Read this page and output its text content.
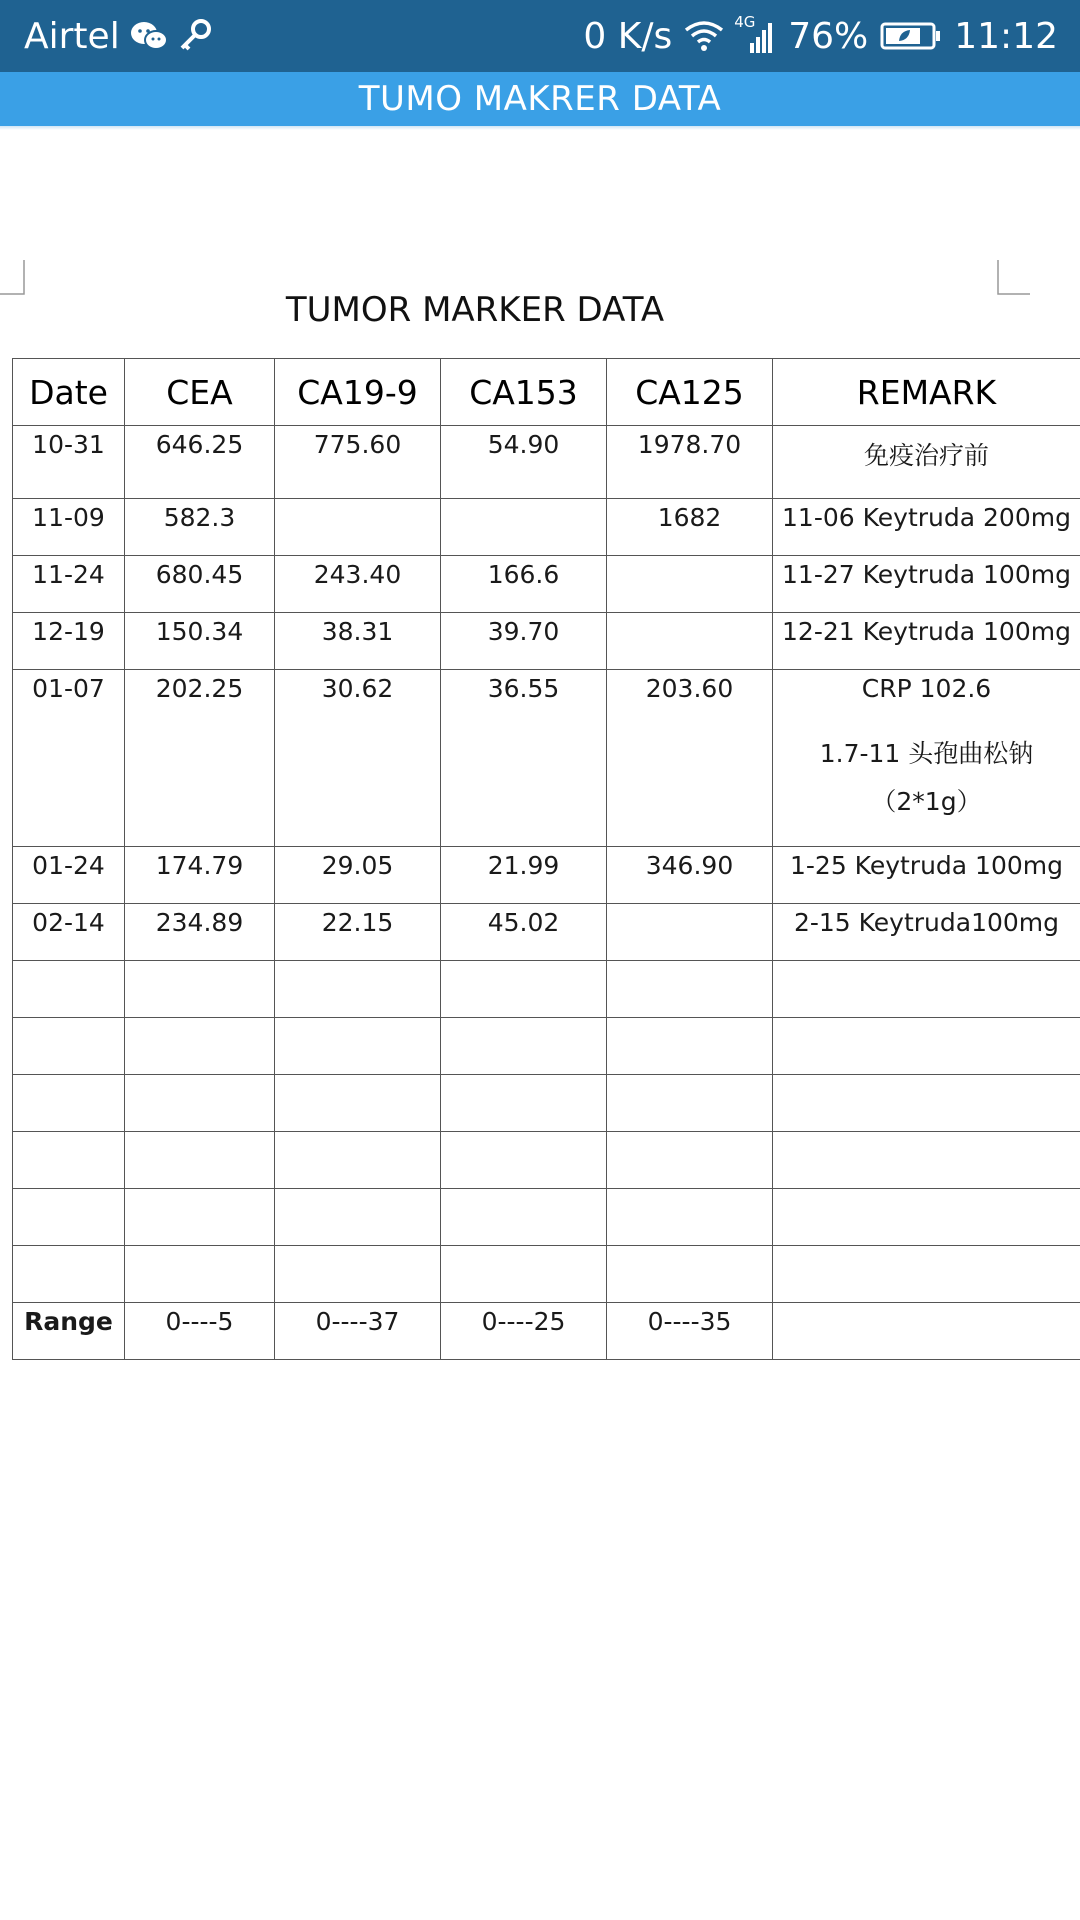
Airtel	0 K/s	4G 76% 11:12
TUMO MAKRER DATA
TUMOR MARKER DATA
Date	CEA	CA19-9	CA153	CA125	REMARK
10-31	646.25	775.60	54.90	1978.70	免疫治疗前

11-09	582.3			1682	11-06 Keytruda 200mg

11-24	680.45	243.40	166.6		11-27 Keytruda 100mg

12-19	150.34	38.31	39.70		12-21 Keytruda 100mg

01-07	202.25	30.62	36.55	203.60	CRP 102.6
1.7-11 头孢曲松钠
（2*1g）

01-24	174.79	29.05	21.99	346.90	1-25 Keytruda 100mg

02-14	234.89	22.15	45.02		2-15 Keytruda100mg

Range	0----5	0----37	0----25	0----35	
